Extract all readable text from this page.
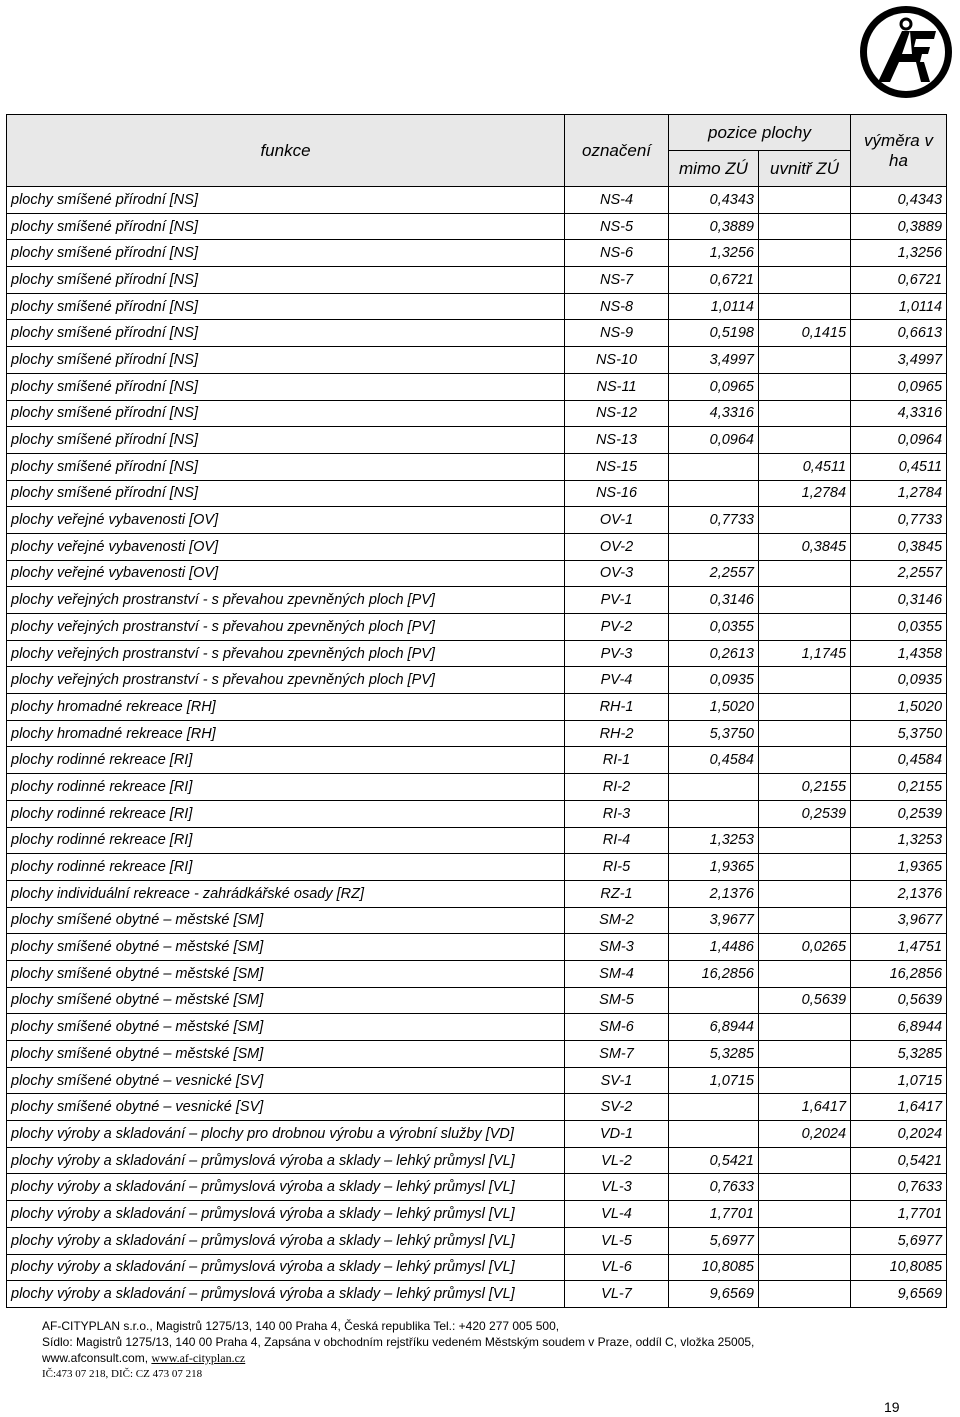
funkce	označení	pozice plochy		výměra v ha
		mimo ZÚ	uvnitř ZÚ	
plochy smíšené přírodní [NS]	NS-4	0,4343		0,4343
plochy smíšené přírodní [NS]	NS-5	0,3889		0,3889
plochy smíšené přírodní [NS]	NS-6	1,3256		1,3256
plochy smíšené přírodní [NS]	NS-7	0,6721		0,6721
plochy smíšené přírodní [NS]	NS-8	1,0114		1,0114
plochy smíšené přírodní [NS]	NS-9	0,5198	0,1415	0,6613
plochy smíšené přírodní [NS]	NS-10	3,4997		3,4997
plochy smíšené přírodní [NS]	NS-11	0,0965		0,0965
plochy smíšené přírodní [NS]	NS-12	4,3316		4,3316
plochy smíšené přírodní [NS]	NS-13	0,0964		0,0964
plochy smíšené přírodní [NS]	NS-15		0,4511	0,4511
plochy smíšené přírodní [NS]	NS-16		1,2784	1,2784
plochy veřejné vybavenosti [OV]	OV-1	0,7733		0,7733
plochy veřejné vybavenosti [OV]	OV-2		0,3845	0,3845
plochy veřejné vybavenosti [OV]	OV-3	2,2557		2,2557
plochy veřejných prostranství - s převahou zpevněných ploch [PV]	PV-1	0,3146		0,3146
plochy veřejných prostranství - s převahou zpevněných ploch [PV]	PV-2	0,0355		0,0355
plochy veřejných prostranství - s převahou zpevněných ploch [PV]	PV-3	0,2613	1,1745	1,4358
plochy veřejných prostranství - s převahou zpevněných ploch [PV]	PV-4	0,0935		0,0935
plochy hromadné rekreace [RH]	RH-1	1,5020		1,5020
plochy hromadné rekreace [RH]	RH-2	5,3750		5,3750
plochy rodinné rekreace [RI]	RI-1	0,4584		0,4584
plochy rodinné rekreace [RI]	RI-2		0,2155	0,2155
plochy rodinné rekreace [RI]	RI-3		0,2539	0,2539
plochy rodinné rekreace [RI]	RI-4	1,3253		1,3253
plochy rodinné rekreace [RI]	RI-5	1,9365		1,9365
plochy individuální rekreace - zahrádkářské osady [RZ]	RZ-1	2,1376		2,1376
plochy smíšené obytné – městské [SM]	SM-2	3,9677		3,9677
plochy smíšené obytné – městské [SM]	SM-3	1,4486	0,0265	1,4751
plochy smíšené obytné – městské [SM]	SM-4	16,2856		16,2856
plochy smíšené obytné – městské [SM]	SM-5		0,5639	0,5639
plochy smíšené obytné – městské [SM]	SM-6	6,8944		6,8944
plochy smíšené obytné – městské [SM]	SM-7	5,3285		5,3285
plochy smíšené obytné – vesnické [SV]	SV-1	1,0715		1,0715
plochy smíšené obytné – vesnické [SV]	SV-2		1,6417	1,6417
plochy výroby a skladování – plochy pro drobnou výrobu a výrobní služby [VD]	VD-1		0,2024	0,2024
plochy výroby a skladování – průmyslová výroba a sklady – lehký průmysl [VL]	VL-2	0,5421		0,5421
plochy výroby a skladování – průmyslová výroba a sklady – lehký průmysl [VL]	VL-3	0,7633		0,7633
plochy výroby a skladování – průmyslová výroba a sklady – lehký průmysl [VL]	VL-4	1,7701		1,7701
plochy výroby a skladování – průmyslová výroba a sklady – lehký průmysl [VL]	VL-5	5,6977		5,6977
plochy výroby a skladování – průmyslová výroba a sklady – lehký průmysl [VL]	VL-6	10,8085		10,8085
plochy výroby a skladování – průmyslová výroba a sklady – lehký průmysl [VL]	VL-7	9,6569		9,6569
AF-CITYPLAN s.r.o., Magistrů 1275/13, 140 00 Praha 4, Česká republika Tel.: +420 277 005 500,
Sídlo: Magistrů 1275/13, 140 00 Praha 4, Zapsána v obchodním rejstříku vedeném Městským soudem v Praze, oddíl C, vložka 25005,
www.afconsult.com, www.af-cityplan.cz
IČ:473 07 218, DIČ: CZ 473 07 218
19
